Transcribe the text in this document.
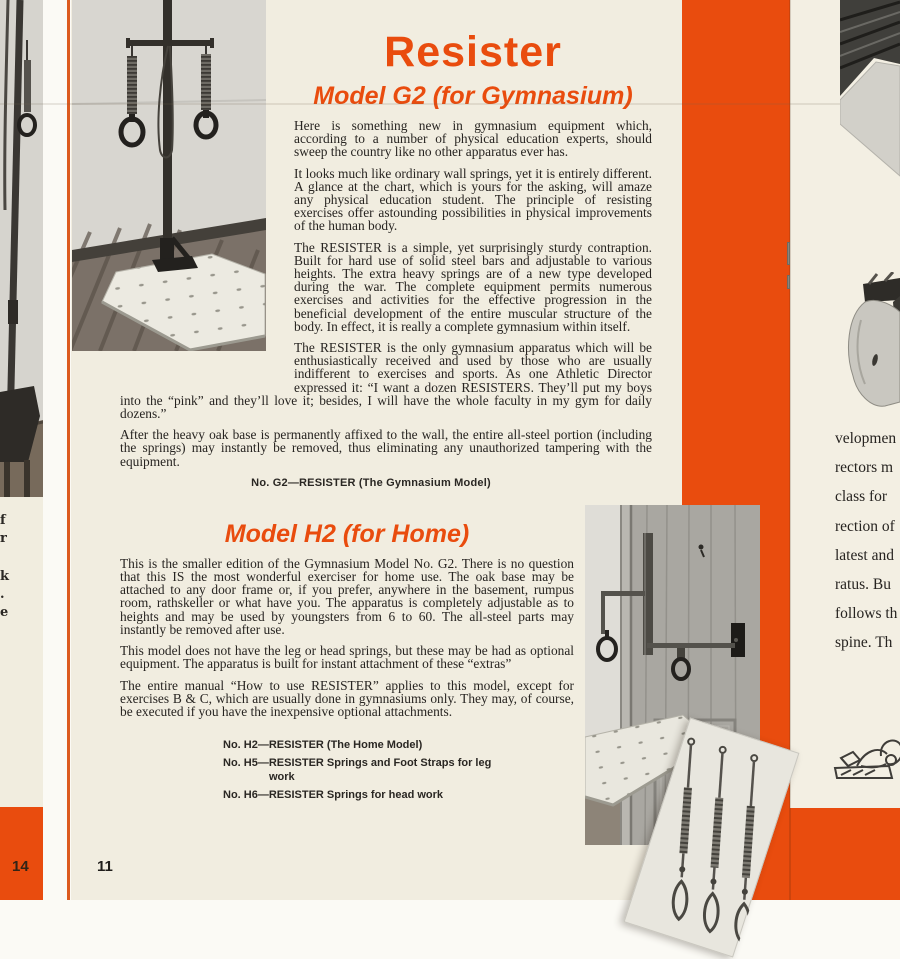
f
r
k
.
e
14
Resister
Model G2 (for Gymnasium)

Here is something new in gymnasium equipment which, according to a number of physical education experts, should sweep the country like no other apparatus ever has.

It looks much like ordinary wall springs, yet it is entirely different. A glance at the chart, which is yours for the asking, will amaze any physical education student. The principle of resisting exercises offer astounding possibilities in physical improvements of the human body.

The RESISTER is a simple, yet surprisingly sturdy contraption. Built for hard use of solid steel bars and adjustable to various heights. The extra heavy springs are of a new type developed during the war. The complete equipment permits numerous exercises and activities for the effective progression in the beneficial development of the entire muscular structure of the body. In effect, it is really a complete gymnasium within itself.

The RESISTER is the only gymnasium apparatus which will be enthusiastically received and used by those who are usually indifferent to exercises and sports. As one Athletic Director expressed it: “I want a dozen RESISTERS. They’ll put my boys into the “pink” and they’ll love it; besides, I will have the whole faculty in my gym for daily dozens.”

After the heavy oak base is permanently affixed to the wall, the entire all-steel portion (including the springs) may instantly be removed, thus eliminating any unauthorized tampering with the equipment.

No. G2—RESISTER (The Gymnasium Model)
Model H2 (for Home)

This is the smaller edition of the Gymnasium Model No. G2. There is no question that this IS the most wonderful exerciser for home use. The oak base may be attached to any door frame or, if you prefer, anywhere in the basement, rumpus room, rathskeller or what have you. The apparatus is completely adjustable as to heights and may be used by youngsters from 6 to 60. The all-steel parts may instantly be removed after use.

This model does not have the leg or head springs, but these may be had as optional equipment. The apparatus is built for instant attachment of these “extras”

The entire manual “How to use RESISTER” applies to this model, except for exercises B & C, which are usually done in gymnasiums only. They may, of course, be executed if you have the inexpensive optional attachments.

No. H2—RESISTER (The Home Model)
No. H5—RESISTER Springs and Foot Straps for leg work
No. H6—RESISTER Springs for head work
11
velopmen
rectors m
class for
rection of
latest and
ratus. Bu
follows th
spine. Th
